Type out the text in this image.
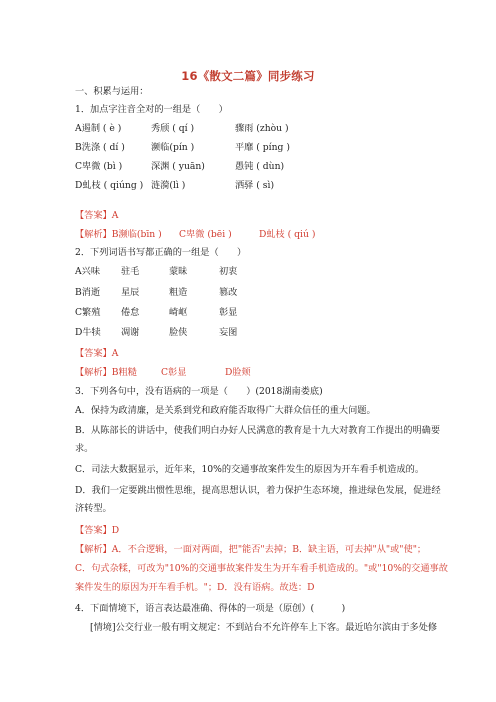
16《散文二篇》同步练习
一、积累与运用：
1．加点字注音全对的一组是（　　）
A遏制 ( è )	秀颀 ( qí )	骤雨 (zhòu )
B洗涤 ( dí )	濒临(pín )	平靡 ( píng )
C卑微 (bì )	深渊 ( yuān)	愚钝 ( dùn)
D虬枝 ( qiúng ) 涟漪(lì )	洒驿 ( sì)
【答案】A
【解析】B濒临(bīn ) C卑微 (bēi )	D虬枝 ( qiú )
2．下列词语书写都正确的一组是（　　）
A兴味 驻毛	蒙昧	初衷
B消逝 星辰	粗造	篡改
C繁殖 倦怠	崎岖	彰显
D牛犊 凋谢	脸侠	妄图
【答案】A
【解析】B粗糙	C彰显	D脸颊
3．下列各句中，没有语病的一项是（　　）(2018湖南娄底)
A．保持为政清廉，是关系到党和政府能否取得广大群众信任的重大问题。
B．从陈部长的讲话中，使我们明白办好人民满意的教育是十九大对教育工作提出的明确要
求。
C．司法大数据显示，近年来，10%的交通事故案件发生的原因为开车看手机造成的。
D．我们一定要跳出惯性思维，提高思想认识，着力保护生态环境，推进绿色发展，促进经
济转型。
【答案】D
【解析】A．不合逻辑，一面对两面，把"能否"去掉；B．缺主语，可去掉"从"或"使"；
C．句式杂糅，可改为"10%的交通事故案件发生为开车看手机造成的。"或"10%的交通事故
案件发生的原因为开车看手机。"；D．没有语病。故选：D
4．下面情境下，语言表达最准确、得体的一项是（原创）(　　　)
[情境]公交行业一般有明文规定：不到站台不允许停车上下客。最近哈尔滨由于多处修
